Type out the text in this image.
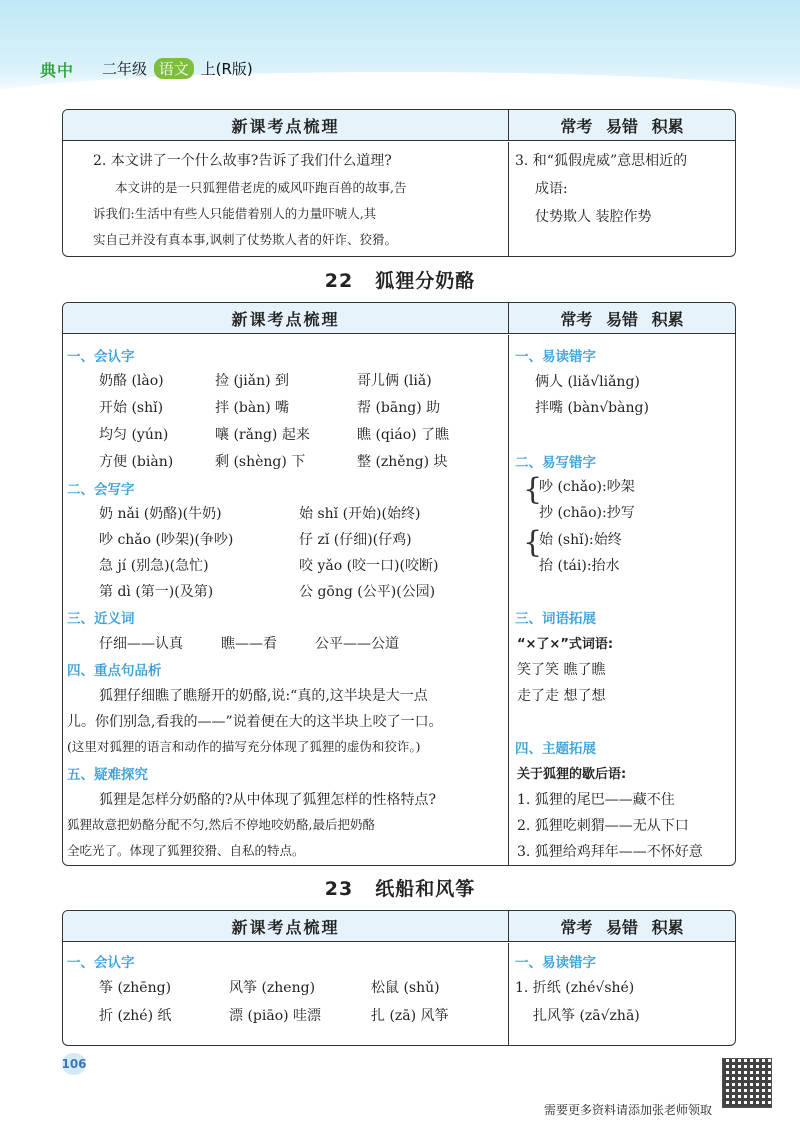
典中 二年级 语文 上(R版)
新课考点梳理	常考 易错 积累
2. 本文讲了一个什么故事?告诉了我们什么道理?
本文讲的是一只狐狸借老虎的威风吓跑百兽的故事,告
诉我们:生活中有些人只能借着别人的力量吓唬人,其
实自己并没有真本事,讽刺了仗势欺人者的奸诈、狡猾。
3. 和“狐假虎威”意思相近的
成语:
仗势欺人 装腔作势
22 狐狸分奶酪
新课考点梳理	常考 易错 积累
一、会认字
奶酪 (lào)	捡 (jiǎn) 到	哥儿俩 (liǎ)
开始 (shǐ)	拌 (bàn) 嘴	帮 (bāng) 助
均匀 (yún)	嚷 (rǎng) 起来	瞧 (qiáo) 了瞧
方便 (biàn)	剩 (shèng) 下	整 (zhěng) 块
二、会写字
奶 nǎi (奶酪)(牛奶)	始 shǐ (开始)(始终)
吵 chǎo (吵架)(争吵)	仔 zǐ (仔细)(仔鸡)
急 jí (别急)(急忙)	咬 yǎo (咬一口)(咬断)
第 dì (第一)(及第)	公 gōng (公平)(公园)
三、近义词
仔细——认真	瞧——看	公平——公道
四、重点句品析
狐狸仔细瞧了瞧掰开的奶酪,说:“真的,这半块是大一点
儿。你们别急,看我的——”说着便在大的这半块上咬了一口。
(这里对狐狸的语言和动作的描写充分体现了狐狸的虚伪和狡诈。)
五、疑难探究
狐狸是怎样分奶酪的?从中体现了狐狸怎样的性格特点?
狐狸故意把奶酪分配不匀,然后不停地咬奶酪,最后把奶酪
全吃光了。体现了狐狸狡猾、自私的特点。
一、易读错字
俩人 (liǎ√liǎng)
拌嘴 (bàn√bàng)
二、易写错字
{
吵 (chǎo):吵架
抄 (chāo):抄写
{
始 (shǐ):始终
抬 (tái):抬水
三、词语拓展
“×了×”式词语:
笑了笑 瞧了瞧
走了走 想了想
四、主题拓展
关于狐狸的歇后语:
1. 狐狸的尾巴——藏不住
2. 狐狸吃刺猬——无从下口
3. 狐狸给鸡拜年——不怀好意
23 纸船和风筝
新课考点梳理	常考 易错 积累
一、会认字
筝 (zhēng)	风筝 (zheng)	松鼠 (shǔ)
折 (zhé) 纸	漂 (piāo) 哇漂	扎 (zā) 风筝
一、易读错字
1. 折纸 (zhé√shé)
扎风筝 (zā√zhā)
106
需要更多资料请添加张老师领取
